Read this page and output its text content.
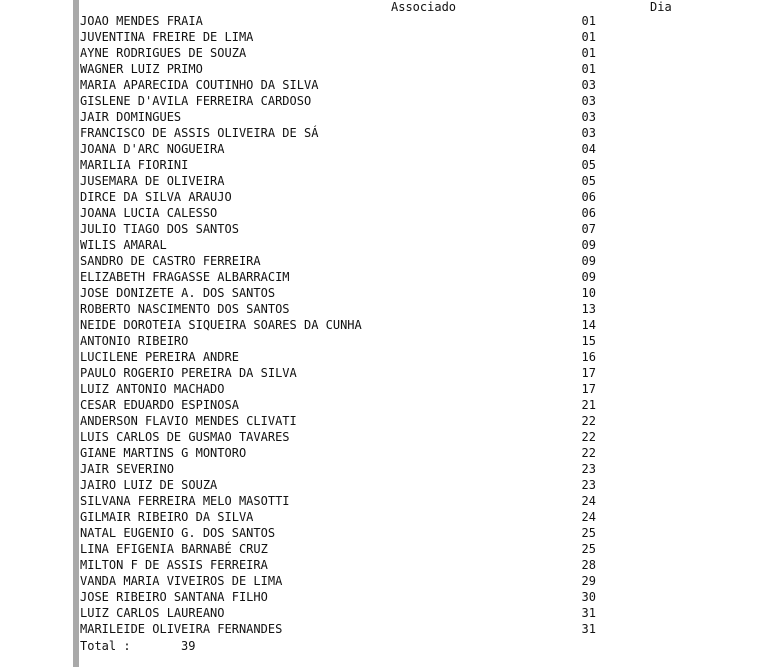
Associado	Dia
JOAO MENDES FRAIA	01
JUVENTINA FREIRE DE LIMA	01
AYNE RODRIGUES DE SOUZA	01
WAGNER LUIZ PRIMO	01
MARIA APARECIDA COUTINHO DA SILVA	03
GISLENE D'AVILA FERREIRA CARDOSO	03
JAIR DOMINGUES	03
FRANCISCO DE ASSIS OLIVEIRA DE SÁ	03
JOANA D'ARC NOGUEIRA	04
MARILIA FIORINI	05
JUSEMARA DE OLIVEIRA	05
DIRCE DA SILVA ARAUJO	06
JOANA LUCIA CALESSO	06
JULIO TIAGO DOS SANTOS	07
WILIS AMARAL	09
SANDRO DE CASTRO FERREIRA	09
ELIZABETH FRAGASSE ALBARRACIM	09
JOSE DONIZETE A. DOS SANTOS	10
ROBERTO NASCIMENTO DOS SANTOS	13
NEIDE DOROTEIA SIQUEIRA SOARES DA CUNHA	14
ANTONIO RIBEIRO	15
LUCILENE PEREIRA ANDRE	16
PAULO ROGERIO PEREIRA DA SILVA	17
LUIZ ANTONIO MACHADO	17
CESAR EDUARDO ESPINOSA	21
ANDERSON FLAVIO MENDES CLIVATI	22
LUIS CARLOS DE GUSMAO TAVARES	22
GIANE MARTINS G MONTORO	22
JAIR SEVERINO	23
JAIRO LUIZ DE SOUZA	23
SILVANA FERREIRA MELO MASOTTI	24
GILMAIR RIBEIRO DA SILVA	24
NATAL EUGENIO G. DOS SANTOS	25
LINA EFIGENIA BARNABÉ CRUZ	25
MILTON F DE ASSIS FERREIRA	28
VANDA MARIA VIVEIROS DE LIMA	29
JOSE RIBEIRO SANTANA FILHO	30
LUIZ CARLOS LAUREANO	31
MARILEIDE OLIVEIRA FERNANDES	31
Total :	39
